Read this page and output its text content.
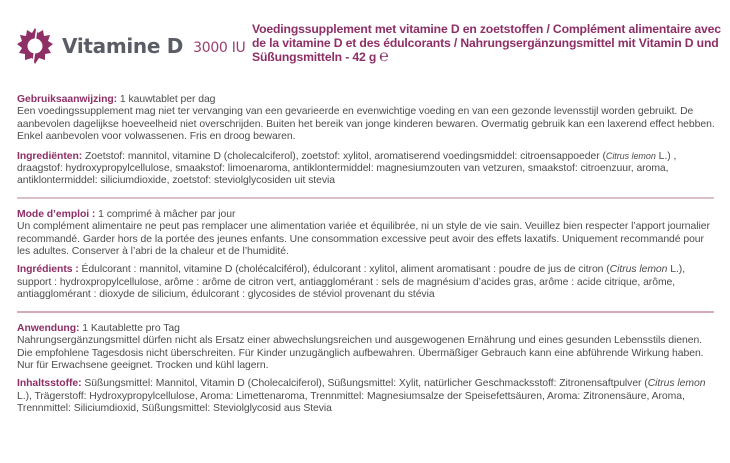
Vitamine D 3000 IU
Voedingssupplement met vitamine D en zoetstoffen / Complément alimentaire avec de la vitamine D et des édulcorants / Nahrungsergänzungsmittel mit Vitamin D und Süßungsmitteln - 42 g ℮

Gebruiksaanwijzing: 1 kauwtablet per dag
Een voedingssupplement mag niet ter vervanging van een gevarieerde en evenwichtige voeding en van een gezonde levensstijl worden gebruikt. De aanbevolen dagelijkse hoeveelheid niet overschrijden. Buiten het bereik van jonge kinderen bewaren. Overmatig gebruik kan een laxerend effect hebben. Enkel aanbevolen voor volwassenen. Fris en droog bewaren.

Ingrediënten: Zoetstof: mannitol, vitamine D (cholecalciferol), zoetstof: xylitol, aromatiserend voedingsmiddel: citroensappoeder (Citrus lemon L.) , draagstof: hydroxypropylcellulose, smaakstof: limoenaroma, antiklontermiddel: magnesiumzouten van vetzuren, smaakstof: citroenzuur, aroma, antiklontermiddel: siliciumdioxide, zoetstof: steviolglycosiden uit stevia

Mode d’emploi : 1 comprimé à mâcher par jour
Un complément alimentaire ne peut pas remplacer une alimentation variée et équilibrée, ni un style de vie sain. Veuillez bien respecter l’apport journalier recommandé. Garder hors de la portée des jeunes enfants. Une consommation excessive peut avoir des effets laxatifs. Uniquement recommandé pour les adultes. Conserver à l’abri de la chaleur et de l’humidité.

Ingrédients : Édulcorant : mannitol, vitamine D (cholécalciférol), édulcorant : xylitol, aliment aromatisant : poudre de jus de citron (Citrus lemon L.), support : hydroxpropylcellulose, arôme : arôme de citron vert, antiagglomérant : sels de magnésium d’acides gras, arôme : acide citrique, arôme, antiagglomérant : dioxyde de silicium, édulcorant : glycosides de stéviol provenant du stévia

Anwendung: 1 Kautablette pro Tag
Nahrungsergänzungsmittel dürfen nicht als Ersatz einer abwechslungsreichen und ausgewogenen Ernährung und eines gesunden Lebensstils dienen. Die empfohlene Tagesdosis nicht überschreiten. Für Kinder unzugänglich aufbewahren. Übermäßiger Gebrauch kann eine abführende Wirkung haben. Nur für Erwachsene geeignet. Trocken und kühl lagern.

Inhaltsstoffe: Süßungsmittel: Mannitol, Vitamin D (Cholecalciferol), Süßungsmittel: Xylit, natürlicher Geschmacksstoff: Zitronensaftpulver (Citrus lemon L.), Trägerstoff: Hydroxypropylcellulose, Aroma: Limettenaroma, Trennmittel: Magnesiumsalze der Speisefettsäuren, Aroma: Zitronensäure, Aroma, Trennmittel: Siliciumdioxid, Süßungsmittel: Steviolglycosid aus Stevia
